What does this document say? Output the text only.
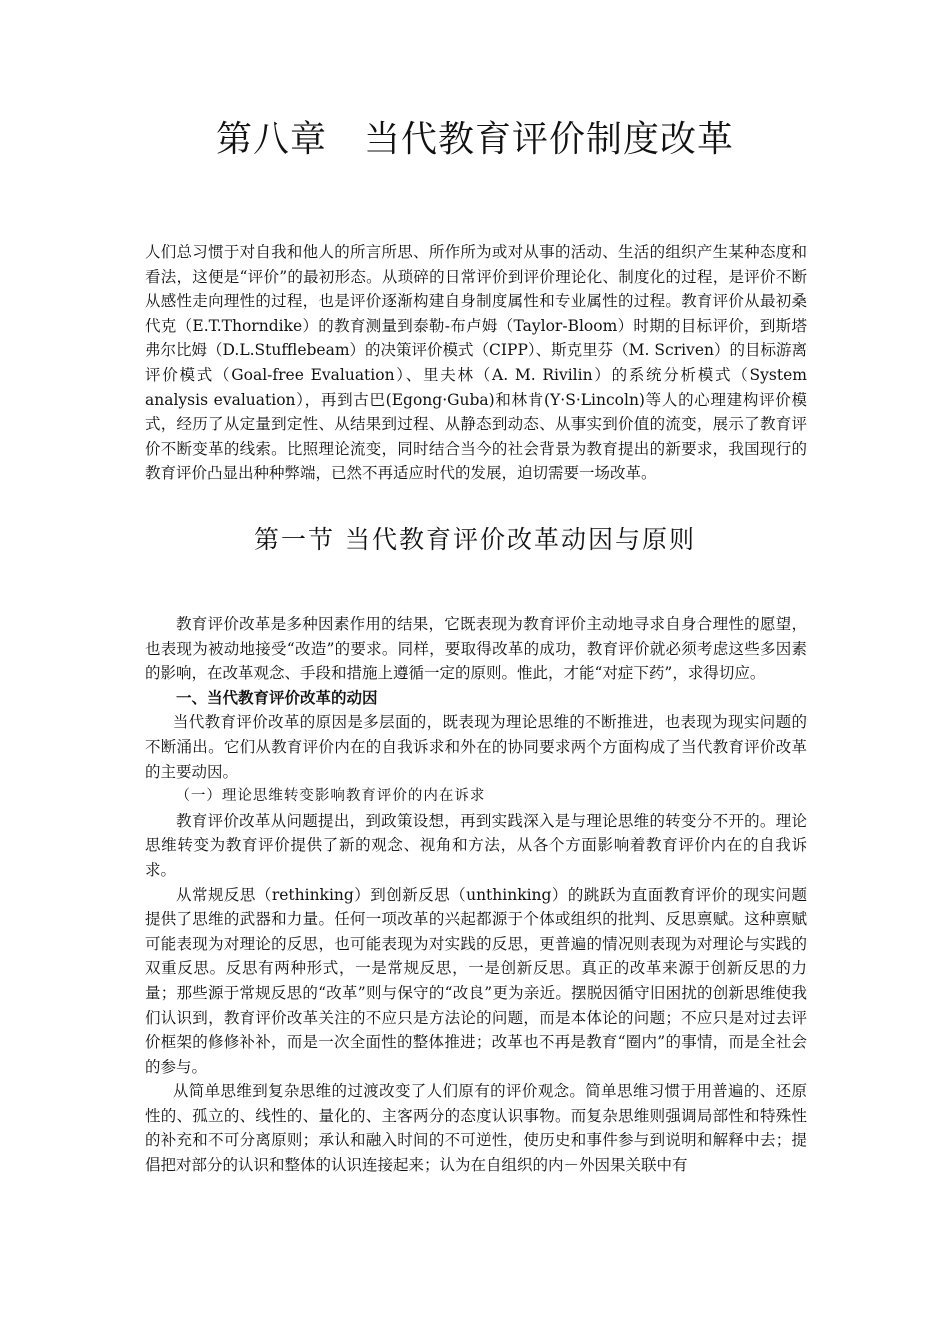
第八章　当代教育评价制度改革

人们总习惯于对自我和他人的所言所思、所作所为或对从事的活动、生活的组织产生某种态度和看法，这便是“评价”的最初形态。从琐碎的日常评价到评价理论化、制度化的过程，是评价不断从感性走向理性的过程，也是评价逐渐构建自身制度属性和专业属性的过程。教育评价从最初桑代克（E.T.Thorndike）的教育测量到泰勒-布卢姆（Taylor-Bloom）时期的目标评价，到斯塔弗尔比姆（D.L.Stufflebeam）的决策评价模式（CIPP）、斯克里芬（M. Scriven）的目标游离评价模式（Goal-free Evaluation）、里夫林（A. M. Rivilin）的系统分析模式（System analysis evaluation），再到古巴(Egong·Guba)和林肯(Y·S·Lincoln)等人的心理建构评价模式，经历了从定量到定性、从结果到过程、从静态到动态、从事实到价值的流变，展示了教育评价不断变革的线索。比照理论流变，同时结合当今的社会背景为教育提出的新要求，我国现行的教育评价凸显出种种弊端，已然不再适应时代的发展，迫切需要一场改革。

第一节 当代教育评价改革动因与原则

教育评价改革是多种因素作用的结果，它既表现为教育评价主动地寻求自身合理性的愿望，也表现为被动地接受“改造”的要求。同样，要取得改革的成功，教育评价就必须考虑这些多因素的影响，在改革观念、手段和措施上遵循一定的原则。惟此，才能“对症下药”，求得切应。

一、当代教育评价改革的动因

当代教育评价改革的原因是多层面的，既表现为理论思维的不断推进，也表现为现实问题的不断涌出。它们从教育评价内在的自我诉求和外在的协同要求两个方面构成了当代教育评价改革的主要动因。

（一）理论思维转变影响教育评价的内在诉求

教育评价改革从问题提出，到政策设想，再到实践深入是与理论思维的转变分不开的。理论思维转变为教育评价提供了新的观念、视角和方法，从各个方面影响着教育评价内在的自我诉求。

从常规反思（rethinking）到创新反思（unthinking）的跳跃为直面教育评价的现实问题提供了思维的武器和力量。任何一项改革的兴起都源于个体或组织的批判、反思禀赋。这种禀赋可能表现为对理论的反思，也可能表现为对实践的反思，更普遍的情况则表现为对理论与实践的双重反思。反思有两种形式，一是常规反思，一是创新反思。真正的改革来源于创新反思的力量；那些源于常规反思的“改革”则与保守的“改良”更为亲近。摆脱因循守旧困扰的创新思维使我们认识到，教育评价改革关注的不应只是方法论的问题，而是本体论的问题；不应只是对过去评价框架的修修补补，而是一次全面性的整体推进；改革也不再是教育“圈内”的事情，而是全社会的参与。

从简单思维到复杂思维的过渡改变了人们原有的评价观念。简单思维习惯于用普遍的、还原性的、孤立的、线性的、量化的、主客两分的态度认识事物。而复杂思维则强调局部性和特殊性的补充和不可分离原则；承认和融入时间的不可逆性，使历史和事件参与到说明和解释中去；提倡把对部分的认识和整体的认识连接起来；认为在自组织的内－外因果关联中有
